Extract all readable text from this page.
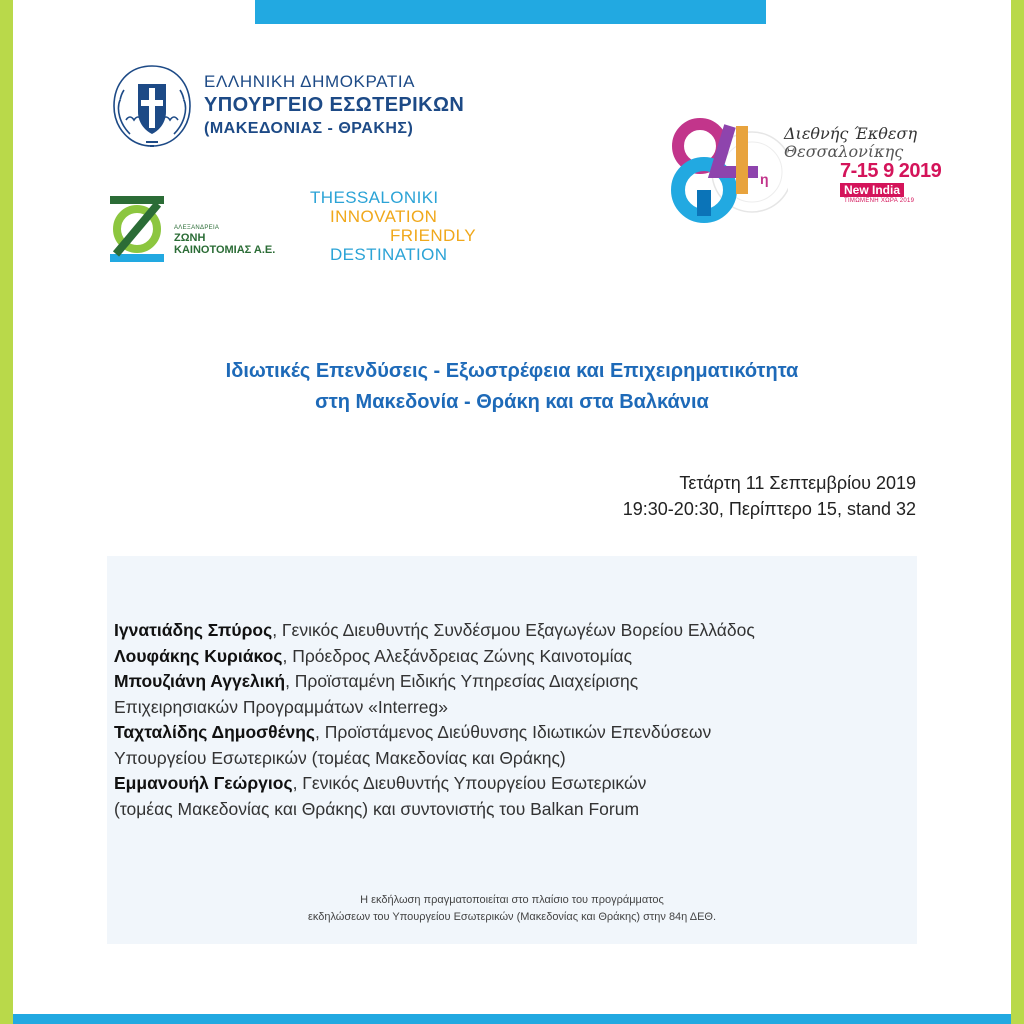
ΕΛΛΗΝΙΚΗ ΔΗΜΟΚΡΑΤΙΑ
ΥΠΟΥΡΓΕΙΟ ΕΣΩΤΕΡΙΚΩΝ
(ΜΑΚΕΔΟΝΙΑΣ - ΘΡΑΚΗΣ)
ΑΛΕΞΑΝΔΡΕΙΑ
ΖΩΝΗ
ΚΑΙΝΟΤΟΜΙΑΣ Α.Ε.
THESSALONIKI
INNOVATION
FRIENDLY
DESTINATION
η
Διεθνής Έκθεση
Θεσσαλονίκης
7-15 9 2019
New India
ΤΙΜΩΜΕΝΗ ΧΩΡΑ 2019
Ιδιωτικές Επενδύσεις - Εξωστρέφεια και Επιχειρηματικότητα
στη Μακεδονία - Θράκη και στα Βαλκάνια
Τετάρτη 11 Σεπτεμβρίου 2019
19:30-20:30, Περίπτερο 15, stand 32
Ιγνατιάδης Σπύρος, Γενικός Διευθυντής Συνδέσμου Εξαγωγέων Βορείου Ελλάδος
Λουφάκης Κυριάκος, Πρόεδρος Αλεξάνδρειας Ζώνης Καινοτομίας
Μπουζιάνη Αγγελική, Προϊσταμένη Ειδικής Υπηρεσίας Διαχείρισης
Επιχειρησιακών Προγραμμάτων «Interreg»
Ταχταλίδης Δημοσθένης, Προϊστάμενος Διεύθυνσης Ιδιωτικών Επενδύσεων
Υπουργείου Εσωτερικών (τομέας Μακεδονίας και Θράκης)
Εμμανουήλ Γεώργιος, Γενικός Διευθυντής Υπουργείου Εσωτερικών
(τομέας Μακεδονίας και Θράκης) και συντονιστής του Balkan Forum
Η εκδήλωση πραγματοποιείται στο πλαίσιο του προγράμματος
εκδηλώσεων του Υπουργείου Εσωτερικών (Μακεδονίας και Θράκης) στην 84η ΔΕΘ.
